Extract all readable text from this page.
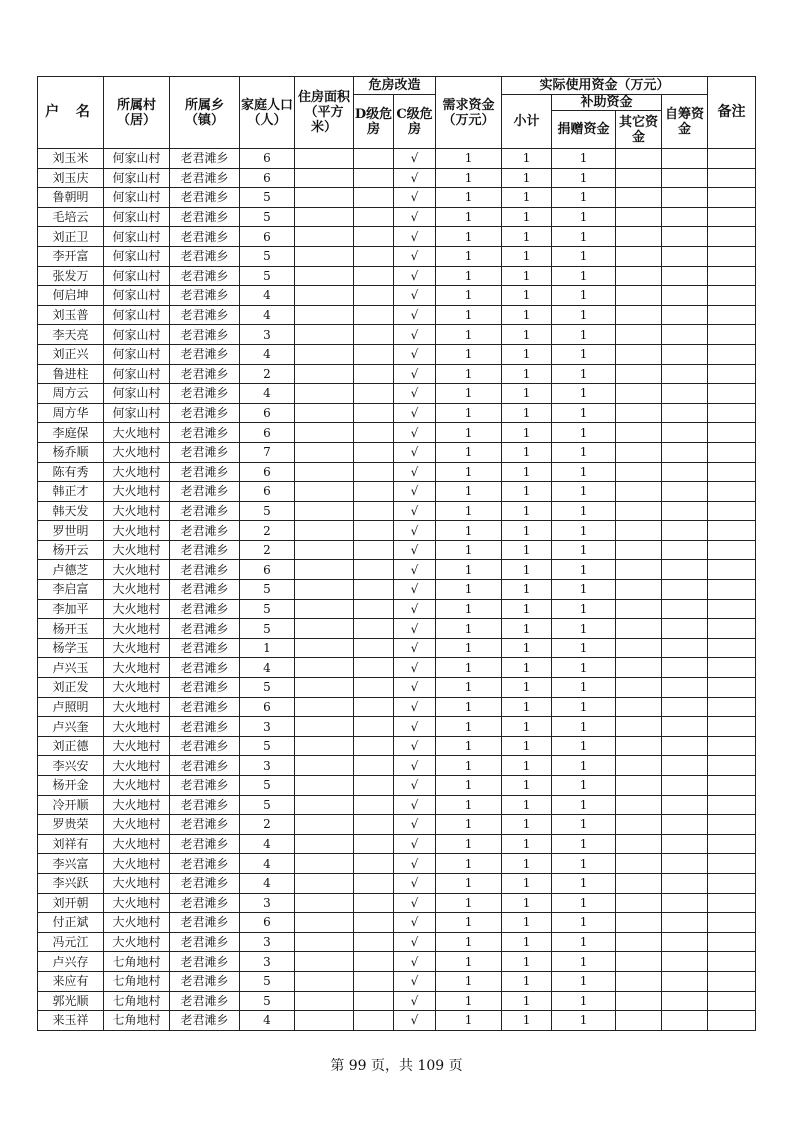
户 名	所属村（居）	所属乡（镇）	家庭人口（人）	住房面积（平方米）	危房改造		需求资金（万元）	实际使用资金（万元）				备注
					D级危房	C级危房		小计	补助资金		自筹资金	
									捐赠资金	其它资金		
刘玉米	何家山村	老君滩乡	6			√	1	1	1			
刘玉庆	何家山村	老君滩乡	6			√	1	1	1			
鲁朝明	何家山村	老君滩乡	5			√	1	1	1			
毛培云	何家山村	老君滩乡	5			√	1	1	1			
刘正卫	何家山村	老君滩乡	6			√	1	1	1			
李开富	何家山村	老君滩乡	5			√	1	1	1			
张发万	何家山村	老君滩乡	5			√	1	1	1			
何启坤	何家山村	老君滩乡	4			√	1	1	1			
刘玉普	何家山村	老君滩乡	4			√	1	1	1			
李天亮	何家山村	老君滩乡	3			√	1	1	1			
刘正兴	何家山村	老君滩乡	4			√	1	1	1			
鲁进柱	何家山村	老君滩乡	2			√	1	1	1			
周方云	何家山村	老君滩乡	4			√	1	1	1			
周方华	何家山村	老君滩乡	6			√	1	1	1			
李庭保	大火地村	老君滩乡	6			√	1	1	1			
杨乔顺	大火地村	老君滩乡	7			√	1	1	1			
陈有秀	大火地村	老君滩乡	6			√	1	1	1			
韩正才	大火地村	老君滩乡	6			√	1	1	1			
韩天发	大火地村	老君滩乡	5			√	1	1	1			
罗世明	大火地村	老君滩乡	2			√	1	1	1			
杨开云	大火地村	老君滩乡	2			√	1	1	1			
卢德芝	大火地村	老君滩乡	6			√	1	1	1			
李启富	大火地村	老君滩乡	5			√	1	1	1			
李加平	大火地村	老君滩乡	5			√	1	1	1			
杨开玉	大火地村	老君滩乡	5			√	1	1	1			
杨学玉	大火地村	老君滩乡	1			√	1	1	1			
卢兴玉	大火地村	老君滩乡	4			√	1	1	1			
刘正发	大火地村	老君滩乡	5			√	1	1	1			
卢照明	大火地村	老君滩乡	6			√	1	1	1			
卢兴奎	大火地村	老君滩乡	3			√	1	1	1			
刘正德	大火地村	老君滩乡	5			√	1	1	1			
李兴安	大火地村	老君滩乡	3			√	1	1	1			
杨开金	大火地村	老君滩乡	5			√	1	1	1			
冷开顺	大火地村	老君滩乡	5			√	1	1	1			
罗贵荣	大火地村	老君滩乡	2			√	1	1	1			
刘祥有	大火地村	老君滩乡	4			√	1	1	1			
李兴富	大火地村	老君滩乡	4			√	1	1	1			
李兴跃	大火地村	老君滩乡	4			√	1	1	1			
刘开朝	大火地村	老君滩乡	3			√	1	1	1			
付正斌	大火地村	老君滩乡	6			√	1	1	1			
冯元江	大火地村	老君滩乡	3			√	1	1	1			
卢兴存	七角地村	老君滩乡	3			√	1	1	1			
来应有	七角地村	老君滩乡	5			√	1	1	1			
郭光顺	七角地村	老君滩乡	5			√	1	1	1			
来玉祥	七角地村	老君滩乡	4			√	1	1	1			
第 99 页，共 109 页
